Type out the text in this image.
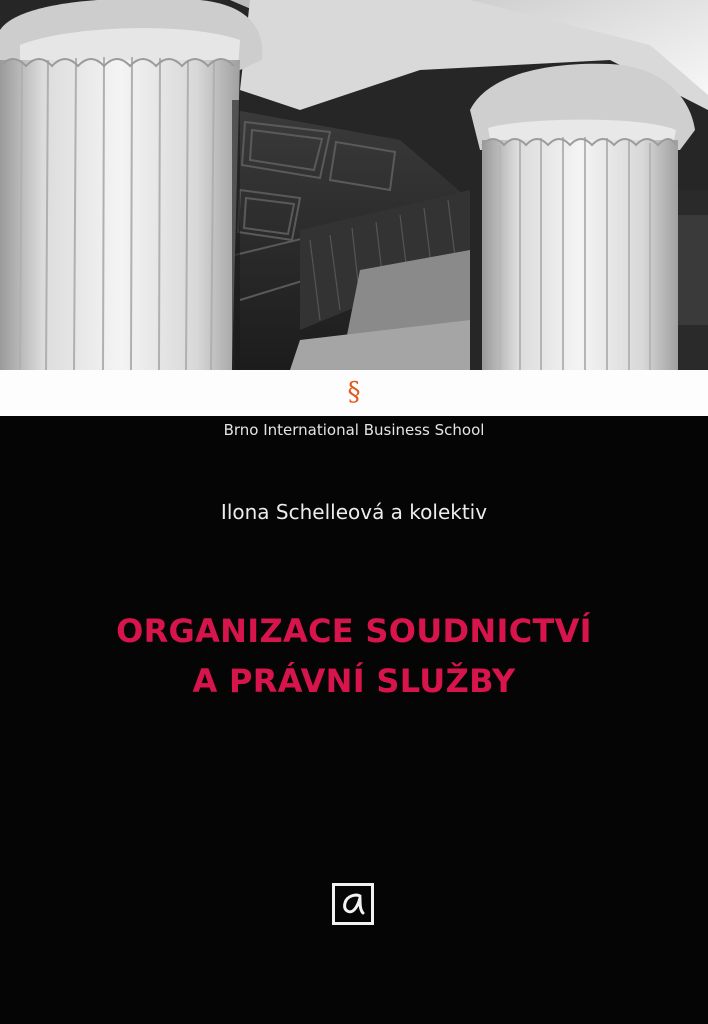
§
Brno International Business School
Ilona Schelleová a kolektiv
ORGANIZACE SOUDNICTVÍ
A PRÁVNÍ SLUŽBY
